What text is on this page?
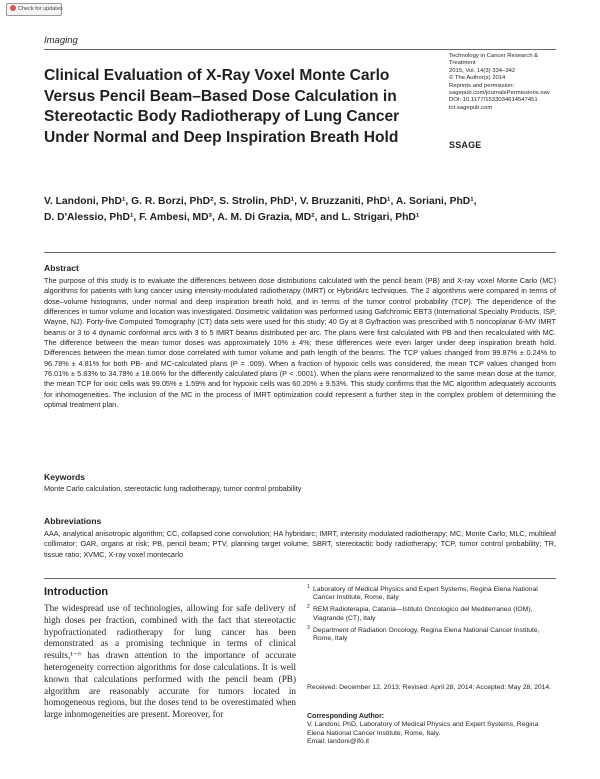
Check for updates
Imaging
Clinical Evaluation of X-Ray Voxel Monte Carlo Versus Pencil Beam–Based Dose Calculation in Stereotactic Body Radiotherapy of Lung Cancer Under Normal and Deep Inspiration Breath Hold
Technology in Cancer Research &
Treatment
2015, Vol. 14(3) 334–342
© The Author(s) 2014
Reprints and permission:
sagepub.com/journalsPermissions.nav
DOI: 10.1177/1533034614547451
tct.sagepub.com
SSAGE
V. Landoni, PhD¹, G. R. Borzi, PhD², S. Strolin, PhD¹, V. Bruzzaniti, PhD¹, A. Soriani, PhD¹,
D. D'Alessio, PhD¹, F. Ambesi, MD³, A. M. Di Grazia, MD², and L. Strigari, PhD¹
Abstract
The purpose of this study is to evaluate the differences between dose distributions calculated with the pencil beam (PB) and X-ray voxel Monte Carlo (MC) algorithms for patients with lung cancer using intensity-modulated radiotherapy (IMRT) or HybridArc techniques. The 2 algorithms were compared in terms of dose–volume histograms, under normal and deep inspiration breath hold, and in terms of the tumor control probability (TCP). The dependence of the differences in tumor volume and location was investigated. Dosimetric validation was performed using Gafchromic EBT3 (International Specialty Products, ISP, Wayne, NJ). Forty-five Computed Tomography (CT) data sets were used for this study; 40 Gy at 8 Gy/fraction was prescribed with 5 noncoplanar 6-MV IMRT beams or 3 to 4 dynamic conformal arcs with 3 to 5 IMRT beams distributed per arc. The plans were first calculated with PB and then recalculated with MC. The difference between the mean tumor doses was approximately 10% ± 4%; these differences were even larger under deep inspiration breath hold. Differences between the mean tumor dose correlated with tumor volume and path length of the beams. The TCP values changed from 99.87% ± 0.24% to 96.78% ± 4.81% for both PB- and MC-calculated plans (P = .009). When a fraction of hypoxic cells was considered, the mean TCP values changed from 76.01% ± 5.83% to 34.78% ± 18.06% for the differently calculated plans (P < .0001). When the plans were renormalized to the same mean dose at the tumor, the mean TCP for oxic cells was 99.05% ± 1.59% and for hypoxic cells was 60.20% ± 9.53%. This study confirms that the MC algorithm adequately accounts for inhomogeneities. The inclusion of the MC in the process of IMRT optimization could represent a further step in the complex problem of determining the optimal treatment plan.
Keywords
Monte Carlo calculation, stereotactic lung radiotherapy, tumor control probability
Abbreviations
AAA, analytical anisotropic algorithm; CC, collapsed cone convolution; HA hybridarc; IMRT, intensity modulated radiotherapy; MC, Monte Carlo; MLC, multileaf collimator; OAR, organs at risk; PB, pencil beam; PTV, planning target volume; SBRT, stereotactic body radiotherapy; TCP, tumor control probability; TR, tissue ratio; XVMC, X-ray voxel montecarlo
Introduction
The widespread use of technologies, allowing for safe delivery of high doses per fraction, combined with the fact that stereotactic hypofractionated radiotherapy for lung cancer has been demonstrated as a promising technique in terms of clinical results,¹⁻⁶ has drawn attention to the importance of accurate heterogeneity correction algorithms for dose calculations. It is well known that calculations performed with the pencil beam (PB) algorithm are reasonably accurate for tumors located in homogeneous regions, but the doses tend to be overestimated when large inhomogeneities are present. Moreover, for
1 Laboratory of Medical Physics and Expert Systems, Regina Elena National Cancer Institute, Rome, Italy
2 REM Radioterapia, Catania—Istituto Oncologico del Mediterraneo (IOM), Viagrande (CT), Italy
3 Department of Radiation Oncology, Regina Elena National Cancer Institute, Rome, Italy
Received: December 12, 2013; Revised: April 28, 2014; Accepted: May 28, 2014.
Corresponding Author:
V. Landoni, PhD, Laboratory of Medical Physics and Expert Systems, Regina Elena National Cancer Institute, Rome, Italy.
Email: landoni@ifo.it
